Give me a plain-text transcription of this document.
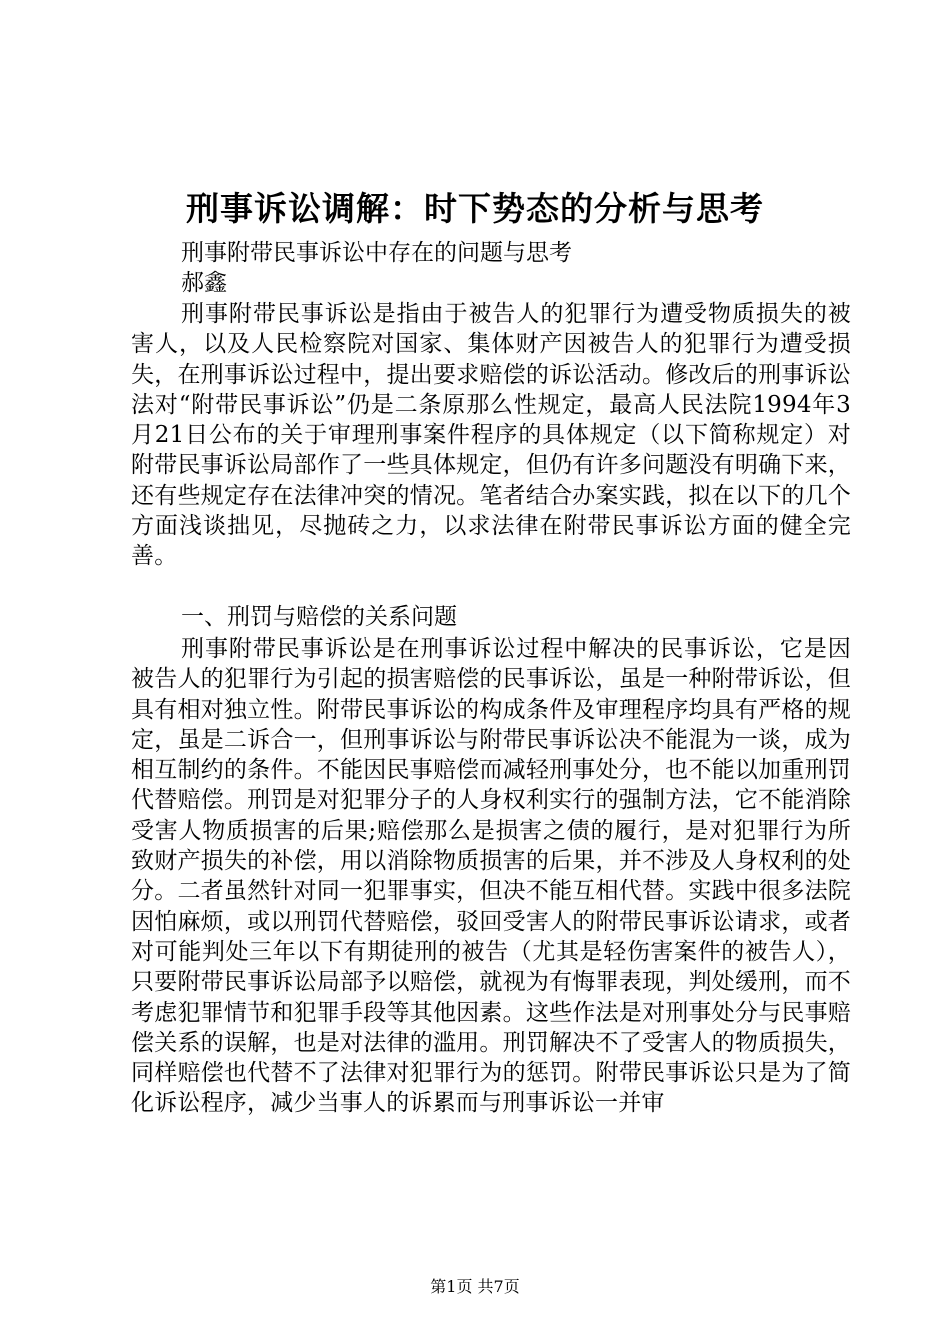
刑事诉讼调解：时下势态的分析与思考
刑事附带民事诉讼中存在的问题与思考
郝鑫

刑事附带民事诉讼是指由于被告人的犯罪行为遭受物质损失的被害人，以及人民检察院对国家、集体财产因被告人的犯罪行为遭受损失，在刑事诉讼过程中，提出要求赔偿的诉讼活动。修改后的刑事诉讼法对“附带民事诉讼”仍是二条原那么性规定，最高人民法院1994年3月21日公布的关于审理刑事案件程序的具体规定（以下简称规定）对附带民事诉讼局部作了一些具体规定，但仍有许多问题没有明确下来，还有些规定存在法律冲突的情况。笔者结合办案实践，拟在以下的几个方面浅谈拙见，尽抛砖之力，以求法律在附带民事诉讼方面的健全完善。

一、刑罚与赔偿的关系问题

刑事附带民事诉讼是在刑事诉讼过程中解决的民事诉讼，它是因被告人的犯罪行为引起的损害赔偿的民事诉讼，虽是一种附带诉讼，但具有相对独立性。附带民事诉讼的构成条件及审理程序均具有严格的规定，虽是二诉合一，但刑事诉讼与附带民事诉讼决不能混为一谈，成为相互制约的条件。不能因民事赔偿而减轻刑事处分，也不能以加重刑罚代替赔偿。刑罚是对犯罪分子的人身权利实行的强制方法，它不能消除受害人物质损害的后果;赔偿那么是损害之债的履行，是对犯罪行为所致财产损失的补偿，用以消除物质损害的后果，并不涉及人身权利的处分。二者虽然针对同一犯罪事实，但决不能互相代替。实践中很多法院因怕麻烦，或以刑罚代替赔偿，驳回受害人的附带民事诉讼请求，或者对可能判处三年以下有期徒刑的被告（尤其是轻伤害案件的被告人），只要附带民事诉讼局部予以赔偿，就视为有悔罪表现，判处缓刑，而不考虑犯罪情节和犯罪手段等其他因素。这些作法是对刑事处分与民事赔偿关系的误解，也是对法律的滥用。刑罚解决不了受害人的物质损失，同样赔偿也代替不了法律对犯罪行为的惩罚。附带民事诉讼只是为了简化诉讼程序，减少当事人的诉累而与刑事诉讼一并审

第1页 共7页
